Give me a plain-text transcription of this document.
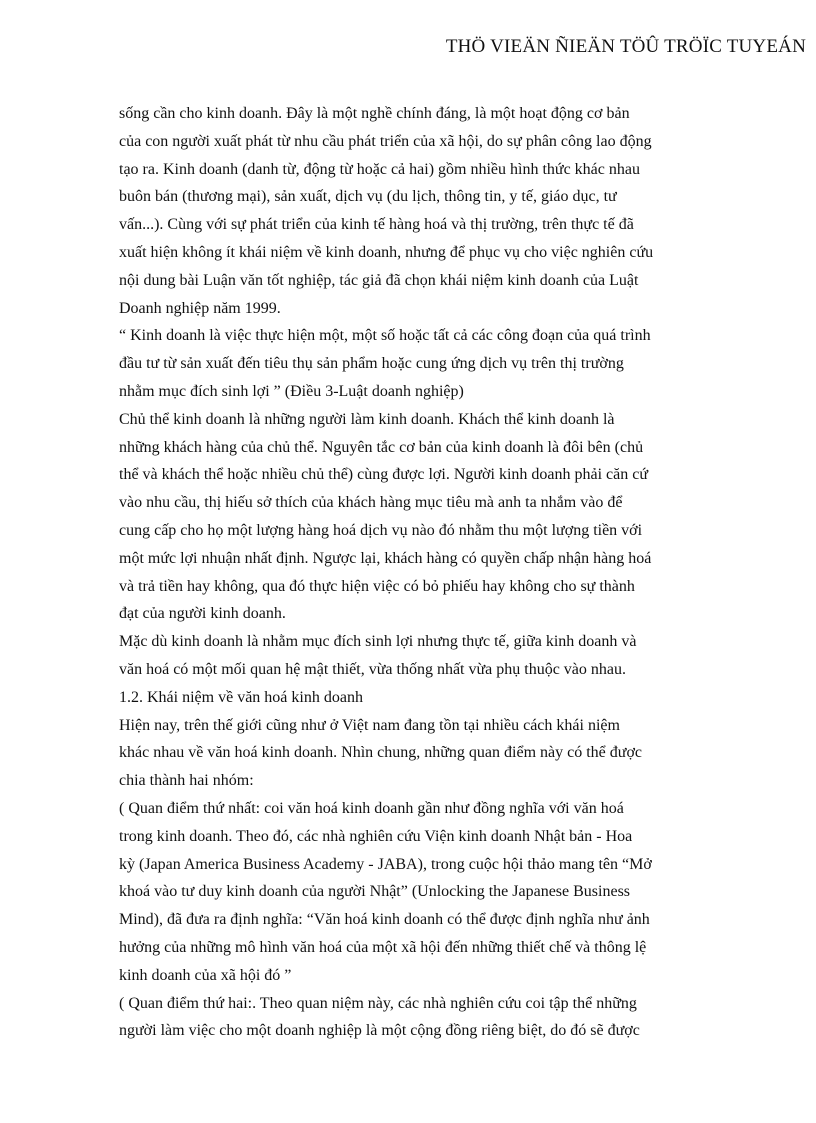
THÖ VIEÄN ÑIEÄN TÖÛ TRÖÏC TUYEÁN
sống cần cho kinh doanh. Đây là một nghề chính đáng, là một hoạt động cơ bản
của con người xuất phát từ nhu cầu phát triển của xã hội, do sự phân công lao động
tạo ra. Kinh doanh (danh từ, động từ hoặc cả hai) gồm nhiều hình thức khác nhau
buôn bán (thương mại), sản xuất, dịch vụ (du lịch, thông tin, y tế, giáo dục, tư
vấn...). Cùng với sự phát triển của kinh tế hàng hoá và thị trường, trên thực tế đã
xuất hiện không ít khái niệm về kinh doanh, nhưng để phục vụ cho việc nghiên cứu
nội dung bài Luận văn tốt nghiệp, tác giả đã chọn khái niệm kinh doanh của Luật
Doanh nghiệp năm 1999.
“ Kinh doanh là việc thực hiện một, một số hoặc tất cả các công đoạn của quá trình
đầu tư từ sản xuất đến tiêu thụ sản phẩm hoặc cung ứng dịch vụ trên thị trường
nhằm mục đích sinh lợi ” (Điều 3-Luật doanh nghiệp)
Chủ thể kinh doanh là những người làm kinh doanh. Khách thể kinh doanh là
những khách hàng của chủ thể. Nguyên tắc cơ bản của kinh doanh là đôi bên (chủ
thể và khách thể hoặc nhiều chủ thể) cùng được lợi. Người kinh doanh phải căn cứ
vào nhu cầu, thị hiếu sở thích của khách hàng mục tiêu mà anh ta nhắm vào để
cung cấp cho họ một lượng hàng hoá dịch vụ nào đó nhằm thu một lượng tiền với
một mức lợi nhuận nhất định. Ngược lại, khách hàng có quyền chấp nhận hàng hoá
và trả tiền hay không, qua đó thực hiện việc có bỏ phiếu hay không cho sự thành
đạt của người kinh doanh.
Mặc dù kinh doanh là nhằm mục đích sinh lợi nhưng thực tế, giữa kinh doanh và
văn hoá có một mối quan hệ mật thiết, vừa thống nhất vừa phụ thuộc vào nhau.
1.2. Khái niệm về văn hoá kinh doanh
Hiện nay, trên thế giới cũng như ở Việt nam đang tồn tại nhiều cách khái niệm
khác nhau về văn hoá kinh doanh. Nhìn chung, những quan điểm này có thể được
chia thành hai nhóm:
( Quan điểm thứ nhất: coi văn hoá kinh doanh gần như đồng nghĩa với văn hoá
trong kinh doanh. Theo đó, các nhà nghiên cứu Viện kinh doanh Nhật bản - Hoa
kỳ (Japan America Business Academy - JABA), trong cuộc hội thảo mang tên “Mở
khoá vào tư duy kinh doanh của người Nhật” (Unlocking the Japanese Business
Mind), đã đưa ra định nghĩa: “Văn hoá kinh doanh có thể được định nghĩa như ảnh
hưởng của những mô hình văn hoá của một xã hội đến những thiết chế và thông lệ
kinh doanh của xã hội đó ”
( Quan điểm thứ hai:. Theo quan niệm này, các nhà nghiên cứu coi tập thể những
người làm việc cho một doanh nghiệp là một cộng đồng riêng biệt, do đó sẽ được
